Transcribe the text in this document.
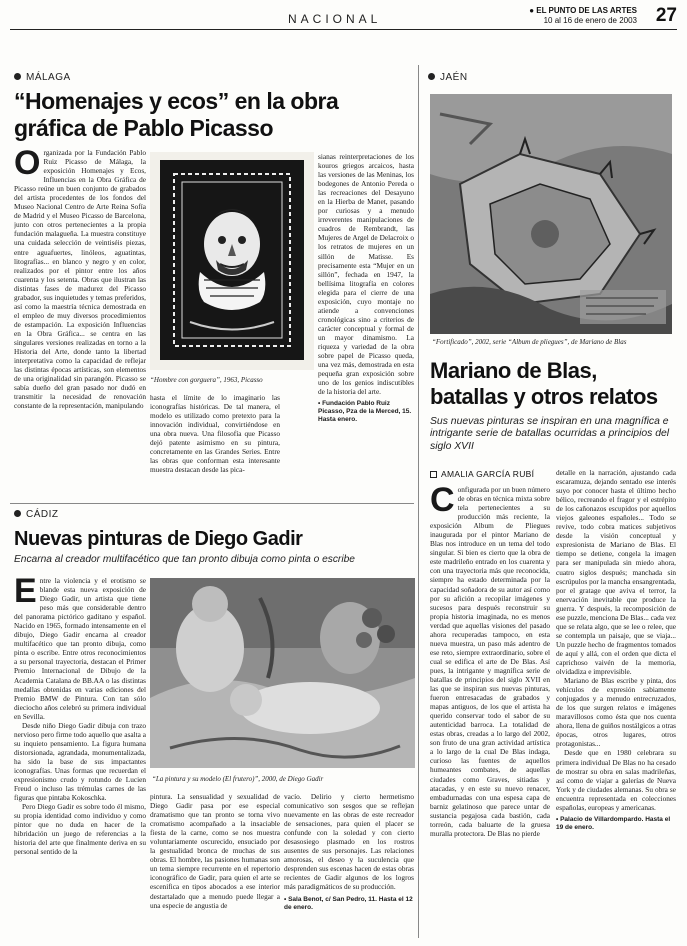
NACIONAL
● EL PUNTO DE LAS ARTES
10 al 16 de enero de 2003 27
MÁLAGA
“Homenajes y ecos” en la obra
gráfica de Pablo Picasso

Organizada por la Fundación Pablo Ruiz Picasso de Málaga, la exposición Homenajes y Ecos, Influencias en la Obra Gráfica de Picasso reúne un buen conjunto de grabados del artista procedentes de los fondos del Museo Nacional Centro de Arte Reina Sofía de Madrid y el Museo Picasso de Barcelona, junto con otros pertenecientes a la propia fundación malagueña. La muestra constituye una cuidada selección de veintiséis piezas, entre aguafuertes, linóleos, aguatintas, litografías... en blanco y negro y en color, realizados por el pintor entre los años cuarenta y los setenta. Obras que ilustran las distintas fases de madurez del Picasso grabador, sus inquietudes y temas preferidos, así como la maestría técnica demostrada en el empleo de muy diversos procedimientos de estampación. La exposición Influencias en la Obra Gráfica... se centra en las singulares versiones realizadas en torno a la Historia del Arte, donde tanto la libertad interpretativa como la capacidad de reflejar las distintas épocas artísticas, son elementos de una originalidad sin parangón. Picasso se sabía dueño del gran pasado nor dudó en transmitir la necesidad de renovación constante de la representación, manipulando

“Hombre con gorguera”, 1963, Picasso

hasta el límite de lo imaginario las iconografías históricas. De tal manera, el modelo es utilizado como pretexto para la innovación individual, convirtiéndose en una obra nueva. Una filosofía que Picasso dejó patente asimismo en su pintura, concretamente en las Grandes Series. Entre las obras que conforman esta interesante muestra destacan desde las pica-

sianas reinterpretaciones de los kouros griegos arcaicos, hasta las versiones de las Meninas, los bodegones de Antonio Pereda o las recreaciones del Desayuno en la Hierba de Manet, pasando por curiosas y a menudo irreverentes manipulaciones de cuadros de Rembrandt, las Mujeres de Argel de Delacroix o los retratos de mujeres en un sillón de Matisse. Es precisamente esta “Mujer en un sillón”, fechada en 1947, la bellísima litografía en colores elegida para el cierre de una exposición, cuyo montaje no atiende a convenciones cronológicas sino a criterios de carácter conceptual y formal de un mayor dinamismo. La riqueza y variedad de la obra sobre papel de Picasso queda, una vez más, demostrada en esta pequeña gran exposición sobre uno de los genios indiscutibles de la historia del arte.

• Fundación Pablo Ruiz Picasso, Pza de la Merced, 15. Hasta enero.

CÁDIZ
Nuevas pinturas de Diego Gadir
Encarna al creador multifacético que tan pronto dibuja como pinta o escribe

Entre la violencia y el erotismo se blande esta nueva exposición de Diego Gadir, un artista que tiene peso más que considerable dentro del panorama pictórico gaditano y español. Nacido en 1965, formado intensamente en el dibujo, Diego Gadir encarna al creador multifacético que tan pronto dibuja, como pinta o escribe. Entre otros reconocimientos a su personal trayectoria, destacan el Primer Premio Internacional de Dibujo de la Academia Catalana de BB.AA o las distintas medallas obtenidas en varias ediciones del Premio BMW de Pintura. Con tan sólo dieciocho años celebró su primera individual en Sevilla.

Desde niño Diego Gadir dibuja con trazo nervioso pero firme todo aquello que asalta a su inquieto pensamiento. La figura humana distorsionada, agrandada, monumentalizada, ha sido la base de sus impactantes iconografías. Unas formas que recuerdan el expresionismo crudo y rotundo de Lucien Freud o incluso las trémulas carnes de las figuras que pintaba Kokoschka.

Pero Diego Gadir es sobre todo él mismo, su propia identidad como individuo y como pintor que no duda en hacer de la hibridación un juego de referencias a la historia del arte que finalmente deriva en su personal sentido de la

“La pintura y su modelo (El frutero)”, 2000, de Diego Gadir

pintura. La sensualidad y sexualidad de Diego Gadir pasa por ese especial dramatismo que tan pronto se torna vivo cromatismo acompañado a la insaciable fiesta de la carne, como se nos muestra voluntariamente oscurecido, ensuciado por la gestualidad bronca de muchas de sus obras. El hombre, las pasiones humanas son un tema siempre recurrente en el repertorio iconográfico de Gadir, para quien el arte se escenifica en tipos abocados a ese interior destartalado que a menudo puede llegar a una especie de angustia de

vacío. Delirio y cierto hermetismo comunicativo son sesgos que se reflejan nuevamente en las obras de este recreador de sensaciones, para quien el placer se confunde con la soledad y con cierto desasosiego plasmado en los rostros ausentes de sus personajes. Las relaciones amorosas, el deseo y la suculencia que desprenden sus escenas hacen de estas obras recientes de Gadir algunos de los logros más paradigmáticos de su producción.

• Sala Benot, c/ San Pedro, 11. Hasta el 12 de enero.

JAÉN
“Fortificado”, 2002, serie “Album de pliegues”, de Mariano de Blas
Mariano de Blas,
batallas y otros relatos
Sus nuevas pinturas se inspiran en una magnífica e intrigante serie de batallas ocurridas a principios del siglo XVII
AMALIA GARCÍA RUBÍ

Configurada por un buen número de obras en técnica mixta sobre tela pertenecientes a su producción más reciente, la exposición Album de Pliegues inaugurada por el pintor Mariano de Blas nos introduce en un tema del todo singular. Si bien es cierto que la obra de este madrileño entrado en los cuarenta y con una trayectoria más que reconocida, siempre ha estado determinada por la capacidad soñadora de su autor así como por su afición a recopilar imágenes y sucesos para después reconstruir su propia historia imaginada, no es menos verdad que aquellas visiones del pasado ahora recuperadas tampoco, en esta nueva muestra, un paso más adentro de ese reto, siempre extraordinario, sobre el cual se edifica el arte de De Blas. Así pues, la intrigante y magnífica serie de batallas de principios del siglo XVII en las que se inspiran sus nuevas pinturas, fueron entresacadas de grabados y mapas antiguos, de los que el artista ha querido conservar todo el sabor de su autenticidad barroca. La totalidad de estas obras, creadas a lo largo del 2002, son fruto de una gran actividad artística a lo largo de la cual De Blas indaga, curioso las fuentes de aquellos humeantes combates, de aquellas ciudades como Graves, sitiadas y atacadas, y en este su nuevo renacer, embadurnadas con una espesa capa de barniz gelatinoso que parece untar de sustancia pegajosa cada bastión, cada torreón, cada baluarte de la gruesa muralla protectora. De Blas no pierde

detalle en la narración, ajustando cada escaramuza, dejando sentado ese interés suyo por conocer hasta el último hecho bélico, recreando el fragor y el estrépito de los cañonazos escupidos por aquellos viejos galeones españoles... Todo se revive, todo cobra matices subjetivos desde la visión conceptual y expresionista de Mariano de Blas. El tiempo se detiene, congela la imagen para ser manipulada sin miedo ahora, cuatro siglos después; manchada sin escrúpulos por la mancha ensangrentada, por el gratage que aviva el terror, la enervación inevitable que produce la guerra. Y después, la recomposición de ese puzzle, menciona De Blas... cada vez que se relata algo, que se lee o relee, que se contempla un paisaje, que se viaja... Un puzzle hecho de fragmentos tomados de aquí y allá, con el orden que dicta el caprichoso vaivén de la memoria, olvidadiza e imprevisible.

Mariano de Blas escribe y pinta, dos vehículos de expresión sabiamente conjugados y a menudo entrecruzados, de los que surgen relatos e imágenes maravillosos como ésta que nos cuenta ahora, llena de guiños nostálgicos a otras épocas, otros lugares, otros protagonistas...

Desde que en 1980 celebrara su primera individual De Blas no ha cesado de mostrar su obra en salas madrileñas, así como de viajar a galerías de Nueva York y de ciudades alemanas. Su obra se encuentra representada en colecciones españolas, europeas y americanas.

• Palacio de Villardompardo. Hasta el 19 de enero.
